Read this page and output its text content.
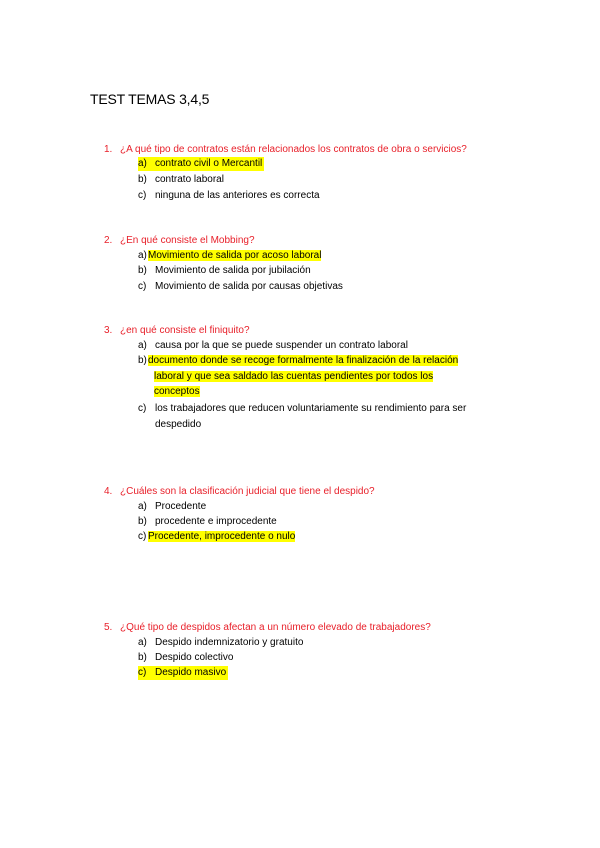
TEST TEMAS 3,4,5
1. ¿A qué tipo de contratos están relacionados los contratos de obra o servicios?
a) contrato civil o Mercantil
b) contrato laboral
c) ninguna de las anteriores es correcta
2. ¿En qué consiste el Mobbing?
a)Movimiento de salida por acoso laboral
b) Movimiento de salida por jubilación
c) Movimiento de salida por causas objetivas
3. ¿en qué consiste el finiquito?
a) causa por la que se puede suspender un contrato laboral
b) documento donde se recoge formalmente la finalización de la relación
laboral y que sea saldado las cuentas pendientes por todos los
conceptos
c) los trabajadores que reducen voluntariamente su rendimiento para ser
despedido
4. ¿Cuáles son la clasificación judicial que tiene el despido?
a) Procedente
b) procedente e improcedente
c) Procedente, improcedente o nulo
5. ¿Qué tipo de despidos afectan a un número elevado de trabajadores?
a) Despido indemnizatorio y gratuito
b) Despido colectivo
c) Despido masivo
